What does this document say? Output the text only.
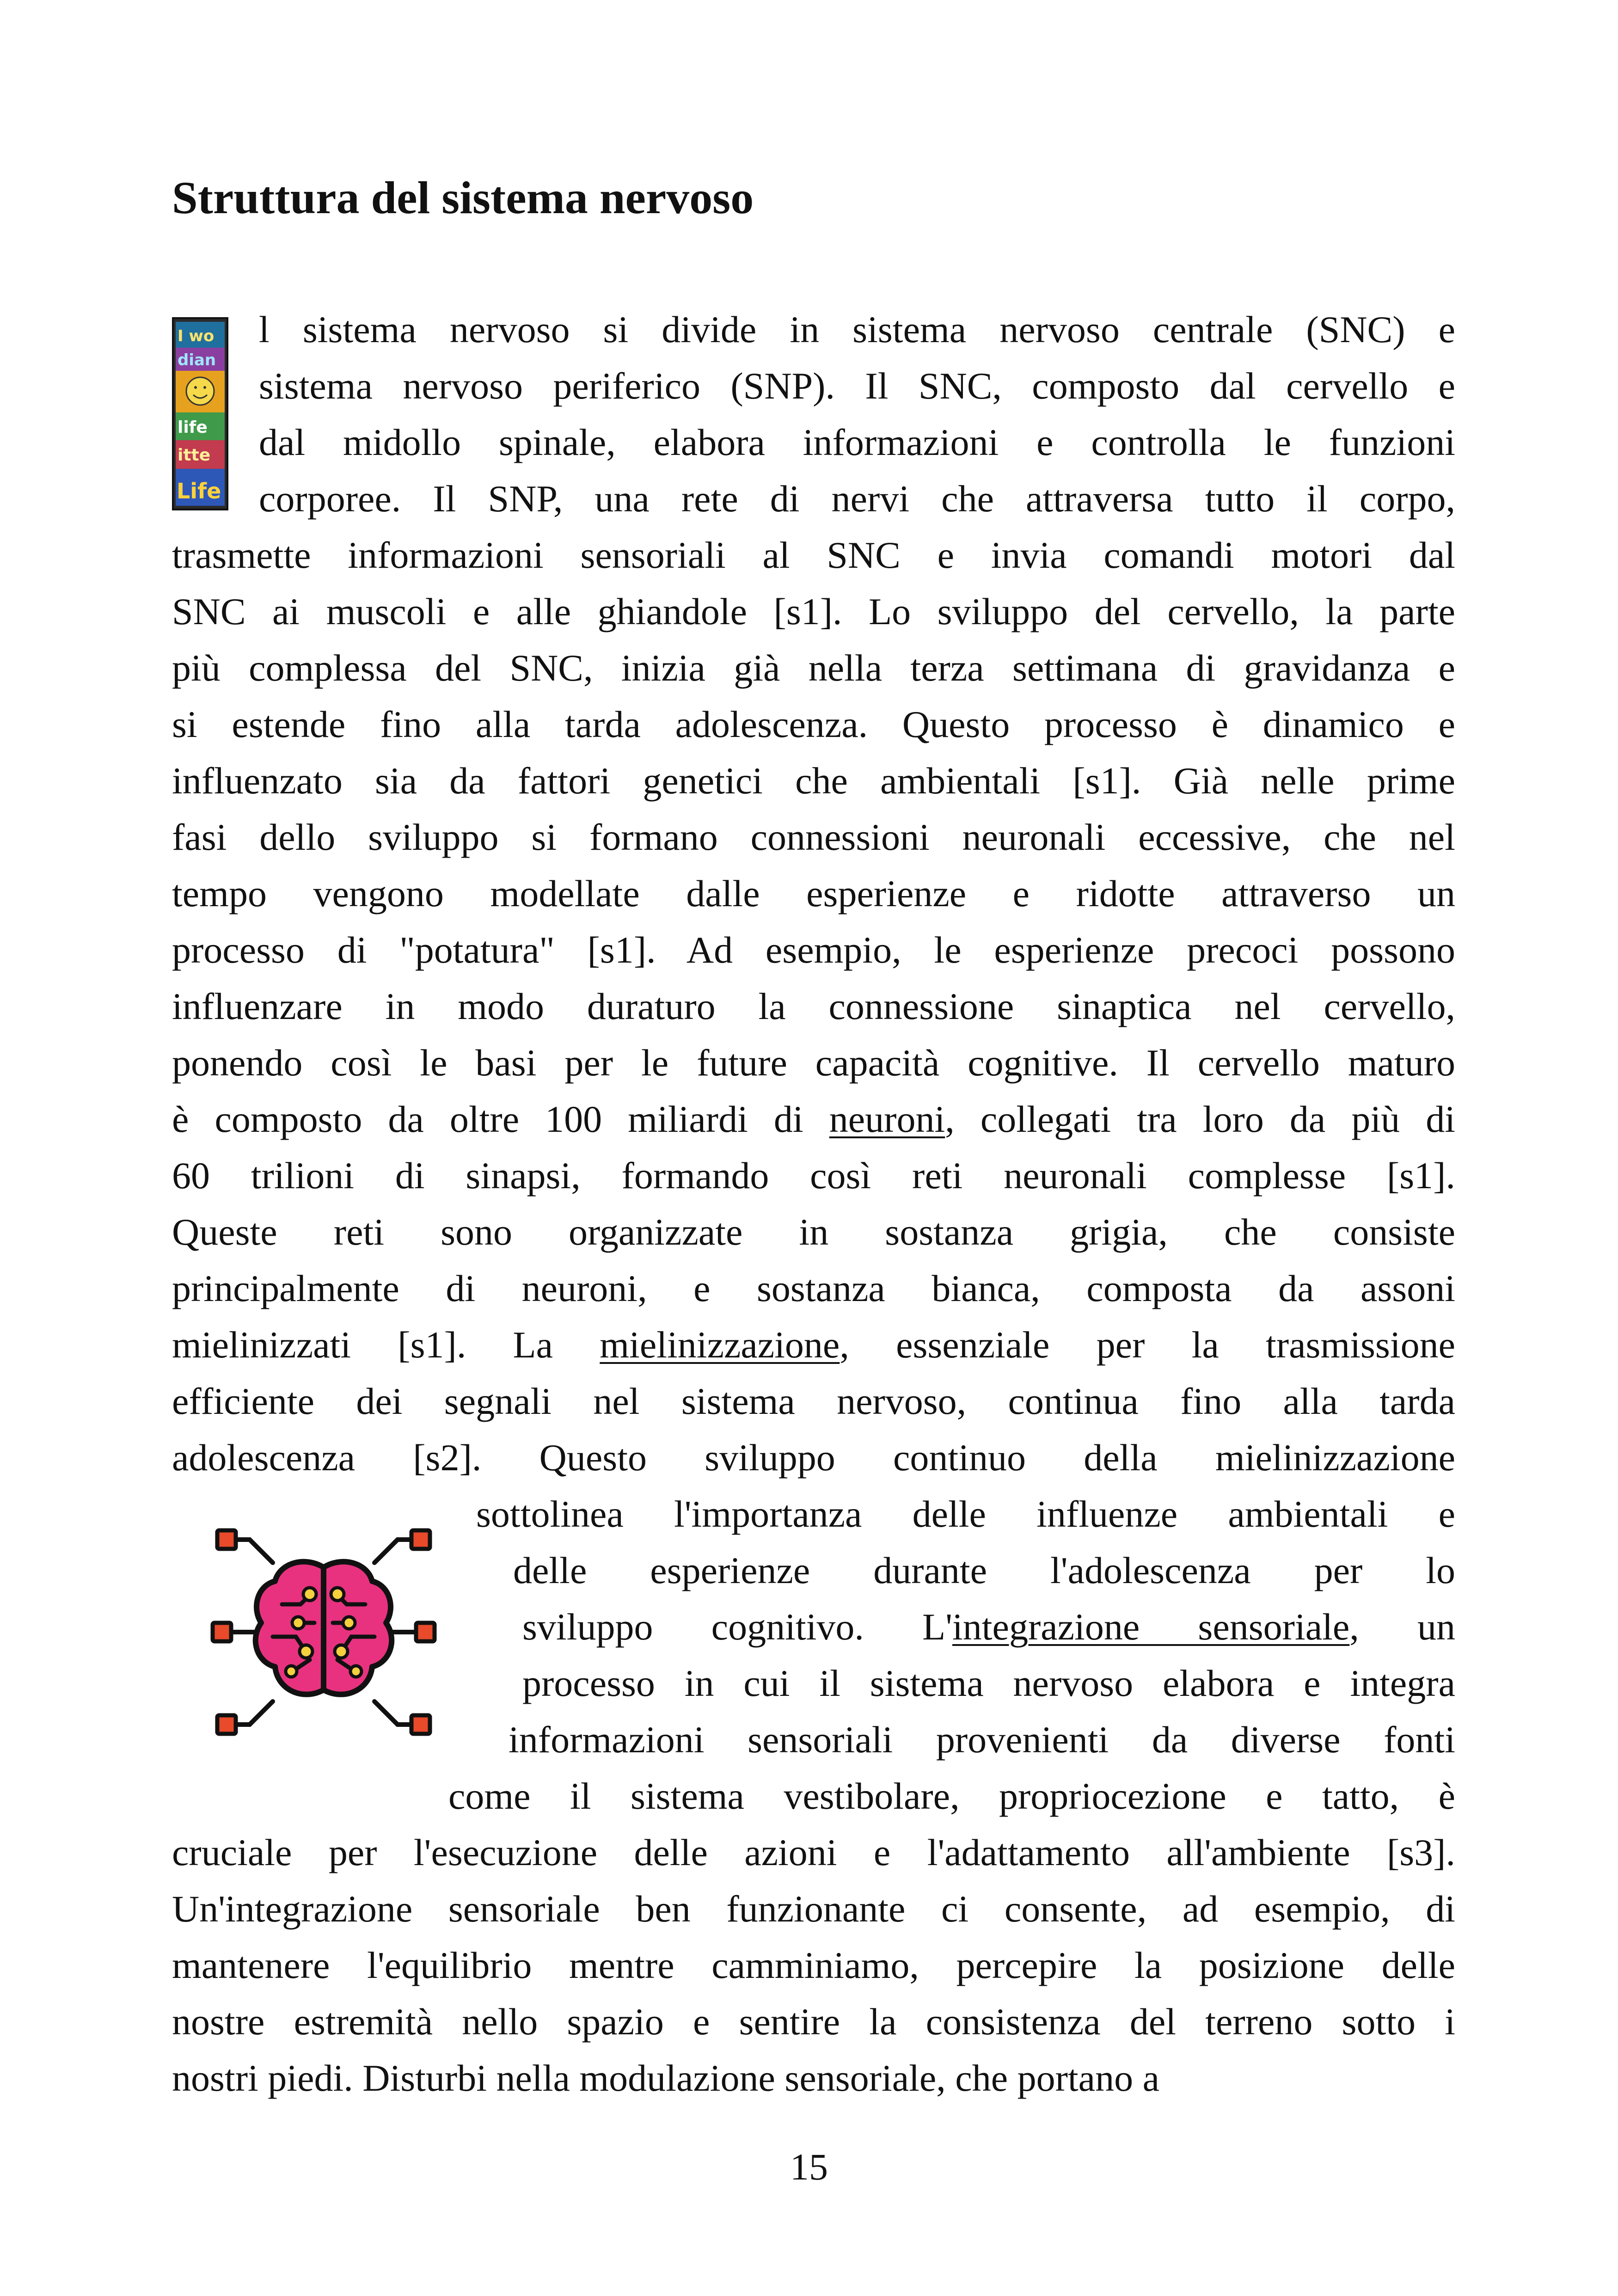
Struttura del sistema nervoso
I wo
dian
life
itte
Life
l sistema nervoso si divide in sistema nervoso centrale (SNC) e
sistema nervoso periferico (SNP). Il SNC, composto dal cervello e
dal midollo spinale, elabora informazioni e controlla le funzioni
corporee. Il SNP, una rete di nervi che attraversa tutto il corpo,
trasmette informazioni sensoriali al SNC e invia comandi motori dal
SNC ai muscoli e alle ghiandole [s1]. Lo sviluppo del cervello, la parte
più complessa del SNC, inizia già nella terza settimana di gravidanza e
si estende fino alla tarda adolescenza. Questo processo è dinamico e
influenzato sia da fattori genetici che ambientali [s1]. Già nelle prime
fasi dello sviluppo si formano connessioni neuronali eccessive, che nel
tempo vengono modellate dalle esperienze e ridotte attraverso un
processo di "potatura" [s1]. Ad esempio, le esperienze precoci possono
influenzare in modo duraturo la connessione sinaptica nel cervello,
ponendo così le basi per le future capacità cognitive. Il cervello maturo
è composto da oltre 100 miliardi di neuroni, collegati tra loro da più di
60 trilioni di sinapsi, formando così reti neuronali complesse [s1].
Queste reti sono organizzate in sostanza grigia, che consiste
principalmente di neuroni, e sostanza bianca, composta da assoni
mielinizzati [s1]. La mielinizzazione, essenziale per la trasmissione
efficiente dei segnali nel sistema nervoso, continua fino alla tarda
adolescenza [s2]. Questo sviluppo continuo della mielinizzazione
sottolinea l'importanza delle influenze ambientali e
delle esperienze durante l'adolescenza per lo
sviluppo cognitivo. L'integrazione sensoriale, un
processo in cui il sistema nervoso elabora e integra
informazioni sensoriali provenienti da diverse fonti
come il sistema vestibolare, propriocezione e tatto, è
cruciale per l'esecuzione delle azioni e l'adattamento all'ambiente [s3].
Un'integrazione sensoriale ben funzionante ci consente, ad esempio, di
mantenere l'equilibrio mentre camminiamo, percepire la posizione delle
nostre estremità nello spazio e sentire la consistenza del terreno sotto i
nostri piedi. Disturbi nella modulazione sensoriale, che portano a
15
